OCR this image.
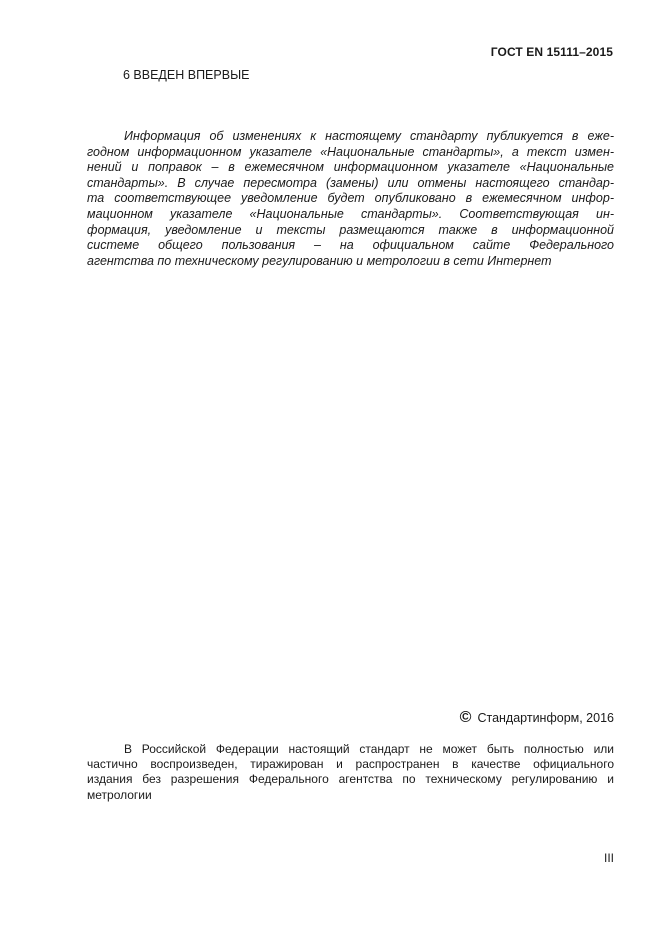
ГОСТ EN 15111–2015
6 ВВЕДЕН ВПЕРВЫЕ
Информация об изменениях к настоящему стандарту публикуется в еже-
годном информационном указателе «Национальные стандарты», а текст измен-
нений и поправок – в ежемесячном информационном указателе «Национальные
стандарты». В случае пересмотра (замены) или отмены настоящего стандар-
та соответствующее уведомление будет опубликовано в ежемесячном инфор-
мационном указателе «Национальные стандарты». Соответствующая ин-
формация, уведомление и тексты размещаются также в информационной
системе общего пользования – на официальном сайте Федерального
агентства по техническому регулированию и метрологии в сети Интернет
© Стандартинформ, 2016
В Российской Федерации настоящий стандарт не может быть полностью или
частично воспроизведен, тиражирован и распространен в качестве официального
издания без разрешения Федерального агентства по техническому регулированию и
метрологии
III
